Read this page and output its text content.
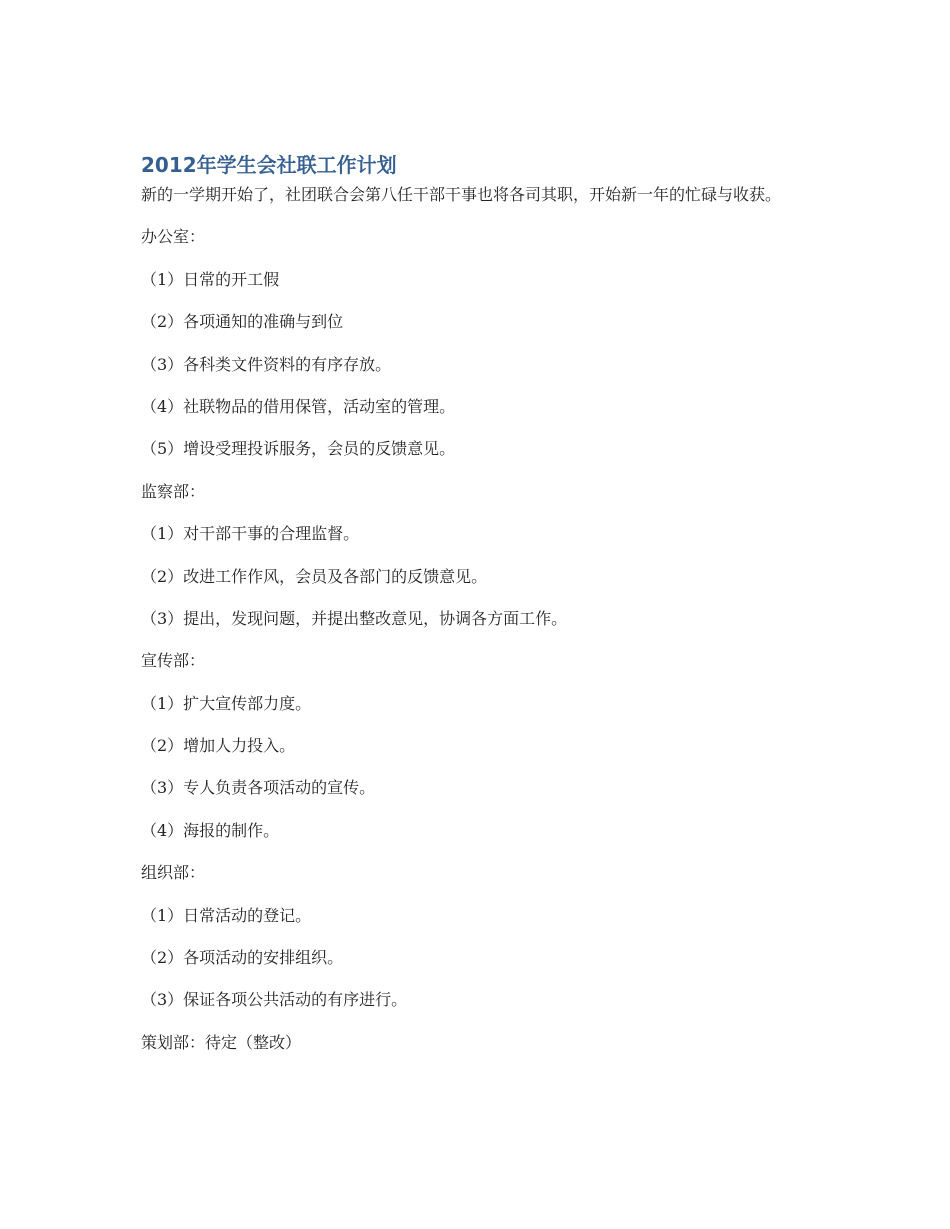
2012年学生会社联工作计划

新的一学期开始了，社团联合会第八任干部干事也将各司其职，开始新一年的忙碌与收获。

办公室：

（1）日常的开工假

（2）各项通知的准确与到位

（3）各科类文件资料的有序存放。

（4）社联物品的借用保管，活动室的管理。

（5）增设受理投诉服务，会员的反馈意见。

监察部：

（1）对干部干事的合理监督。

（2）改进工作作风，会员及各部门的反馈意见。

（3）提出，发现问题，并提出整改意见，协调各方面工作。

宣传部：

（1）扩大宣传部力度。

（2）增加人力投入。

（3）专人负责各项活动的宣传。

（4）海报的制作。

组织部：

（1）日常活动的登记。

（2）各项活动的安排组织。

（3）保证各项公共活动的有序进行。

策划部：待定（整改）
